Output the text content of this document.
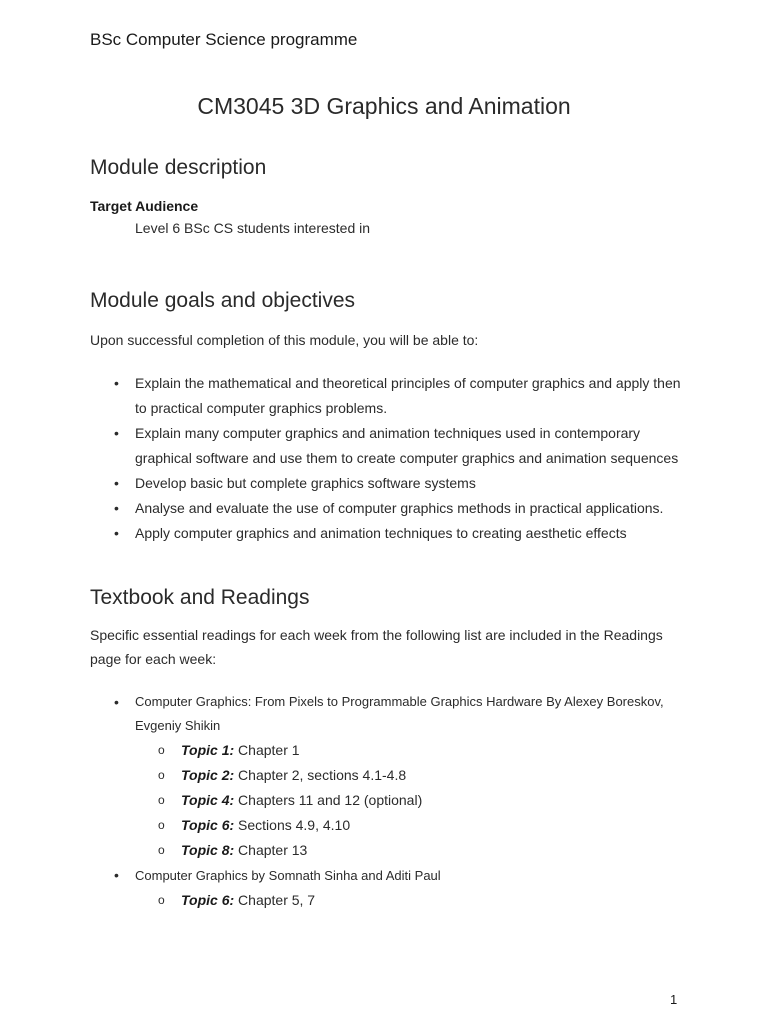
BSc Computer Science programme
CM3045 3D Graphics and Animation
Module description
Target Audience
Level 6 BSc CS students interested in
Module goals and objectives
Upon successful completion of this module, you will be able to:
• Explain the mathematical and theoretical principles of computer graphics and apply then to practical computer graphics problems.
• Explain many computer graphics and animation techniques used in contemporary graphical software and use them to create computer graphics and animation sequences
• Develop basic but complete graphics software systems
• Analyse and evaluate the use of computer graphics methods in practical applications.
• Apply computer graphics and animation techniques to creating aesthetic effects
Textbook and Readings
Specific essential readings for each week from the following list are included in the Readings page for each week:
• Computer Graphics: From Pixels to Programmable Graphics Hardware By Alexey Boreskov, Evgeniy Shikin
o Topic 1: Chapter 1
o Topic 2: Chapter 2, sections 4.1-4.8
o Topic 4: Chapters 11 and 12 (optional)
o Topic 6: Sections 4.9, 4.10
o Topic 8: Chapter 13
• Computer Graphics by Somnath Sinha and Aditi Paul
o Topic 6: Chapter 5, 7
1
